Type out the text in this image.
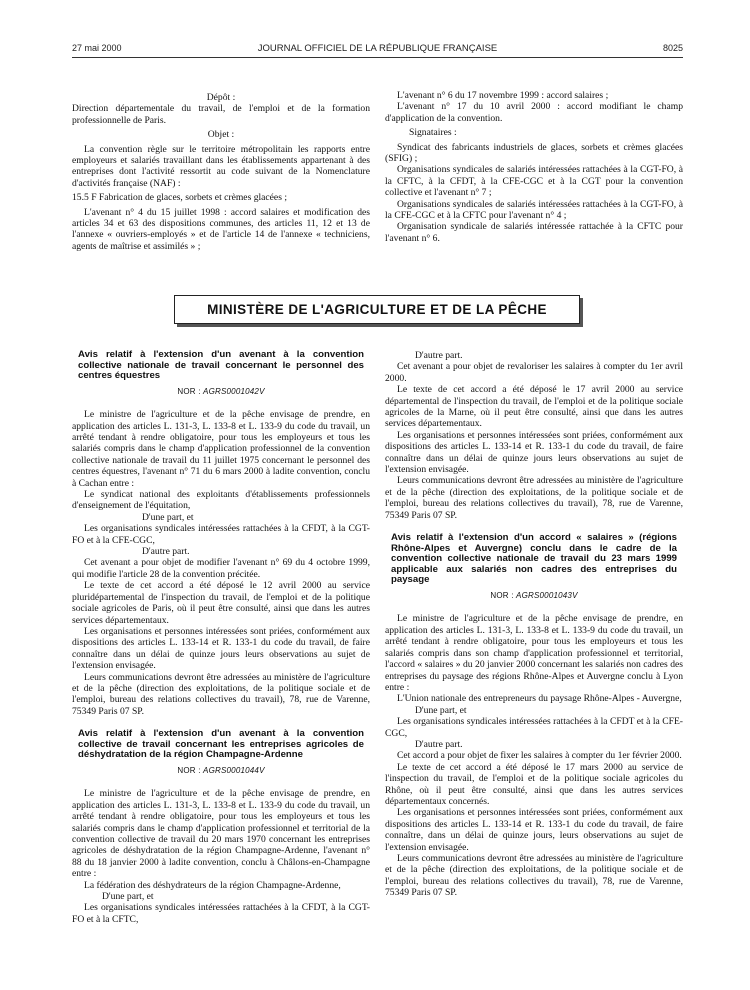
27 mai 2000	JOURNAL OFFICIEL DE LA RÉPUBLIQUE FRANÇAISE	8025

Dépôt :

Direction départementale du travail, de l'emploi et de la formation professionnelle de Paris.

Objet :

La convention règle sur le territoire métropolitain les rapports entre employeurs et salariés travaillant dans les établissements appartenant à des entreprises dont l'activité ressortit au code suivant de la Nomenclature d'activités française (NAF) :

15.5 F Fabrication de glaces, sorbets et crèmes glacées ;

L'avenant n° 4 du 15 juillet 1998 : accord salaires et modification des articles 34 et 63 des dispositions communes, des articles 11, 12 et 13 de l'annexe « ouvriers-employés » et de l'article 14 de l'annexe « techniciens, agents de maîtrise et assimilés » ;

L'avenant n° 6 du 17 novembre 1999 : accord salaires ;

L'avenant n° 17 du 10 avril 2000 : accord modifiant le champ d'application de la convention.

Signataires :

Syndicat des fabricants industriels de glaces, sorbets et crèmes glacées (SFIG) ;

Organisations syndicales de salariés intéressées rattachées à la CGT-FO, à la CFTC, à la CFDT, à la CFE-CGC et à la CGT pour la convention collective et l'avenant n° 7 ;

Organisations syndicales de salariés intéressées rattachées à la CGT-FO, à la CFE-CGC et à la CFTC pour l'avenant n° 4 ;

Organisation syndicale de salariés intéressée rattachée à la CFTC pour l'avenant n° 6.

MINISTÈRE DE L'AGRICULTURE ET DE LA PÊCHE
Avis relatif à l'extension d'un avenant à la convention collective nationale de travail concernant le personnel des centres équestres
NOR : AGRS0001042V

Le ministre de l'agriculture et de la pêche envisage de prendre, en application des articles L. 131-3, L. 133-8 et L. 133-9 du code du travail, un arrêté tendant à rendre obligatoire, pour tous les employeurs et tous les salariés compris dans le champ d'application professionnel de la convention collective nationale de travail du 11 juillet 1975 concernant le personnel des centres équestres, l'avenant n° 71 du 6 mars 2000 à ladite convention, conclu à Cachan entre :

Le syndicat national des exploitants d'établissements professionnels d'enseignement de l'équitation,

D'une part, et

Les organisations syndicales intéressées rattachées à la CFDT, à la CGT-FO et à la CFE-CGC,

D'autre part.

Cet avenant a pour objet de modifier l'avenant n° 69 du 4 octobre 1999, qui modifie l'article 28 de la convention précitée.

Le texte de cet accord a été déposé le 12 avril 2000 au service pluridépartemental de l'inspection du travail, de l'emploi et de la politique sociale agricoles de Paris, où il peut être consulté, ainsi que dans les autres services départementaux.

Les organisations et personnes intéressées sont priées, conformément aux dispositions des articles L. 133-14 et R. 133-1 du code du travail, de faire connaître dans un délai de quinze jours leurs observations au sujet de l'extension envisagée.

Leurs communications devront être adressées au ministère de l'agriculture et de la pêche (direction des exploitations, de la politique sociale et de l'emploi, bureau des relations collectives du travail), 78, rue de Varenne, 75349 Paris 07 SP.

Avis relatif à l'extension d'un avenant à la convention collective de travail concernant les entreprises agricoles de déshydratation de la région Champagne-Ardenne
NOR : AGRS0001044V

Le ministre de l'agriculture et de la pêche envisage de prendre, en application des articles L. 131-3, L. 133-8 et L. 133-9 du code du travail, un arrêté tendant à rendre obligatoire, pour tous les employeurs et tous les salariés compris dans le champ d'application professionnel et territorial de la convention collective de travail du 20 mars 1970 concernant les entreprises agricoles de déshydratation de la région Champagne-Ardenne, l'avenant n° 88 du 18 janvier 2000 à ladite convention, conclu à Châlons-en-Champagne entre :

La fédération des déshydrateurs de la région Champagne-Ardenne,

D'une part, et

Les organisations syndicales intéressées rattachées à la CFDT, à la CGT-FO et à la CFTC,

D'autre part.

Cet avenant a pour objet de revaloriser les salaires à compter du 1er avril 2000.

Le texte de cet accord a été déposé le 17 avril 2000 au service départemental de l'inspection du travail, de l'emploi et de la politique sociale agricoles de la Marne, où il peut être consulté, ainsi que dans les autres services départementaux.

Les organisations et personnes intéressées sont priées, conformément aux dispositions des articles L. 133-14 et R. 133-1 du code du travail, de faire connaître dans un délai de quinze jours leurs observations au sujet de l'extension envisagée.

Leurs communications devront être adressées au ministère de l'agriculture et de la pêche (direction des exploitations, de la politique sociale et de l'emploi, bureau des relations collectives du travail), 78, rue de Varenne, 75349 Paris 07 SP.

Avis relatif à l'extension d'un accord « salaires » (régions Rhône-Alpes et Auvergne) conclu dans le cadre de la convention collective nationale de travail du 23 mars 1999 applicable aux salariés non cadres des entreprises du paysage
NOR : AGRS0001043V

Le ministre de l'agriculture et de la pêche envisage de prendre, en application des articles L. 131-3, L. 133-8 et L. 133-9 du code du travail, un arrêté tendant à rendre obligatoire, pour tous les employeurs et tous les salariés compris dans son champ d'application professionnel et territorial, l'accord « salaires » du 20 janvier 2000 concernant les salariés non cadres des entreprises du paysage des régions Rhône-Alpes et Auvergne conclu à Lyon entre :

L'Union nationale des entrepreneurs du paysage Rhône-Alpes - Auvergne,

D'une part, et

Les organisations syndicales intéressées rattachées à la CFDT et à la CFE-CGC,

D'autre part.

Cet accord a pour objet de fixer les salaires à compter du 1er février 2000.

Le texte de cet accord a été déposé le 17 mars 2000 au service de l'inspection du travail, de l'emploi et de la politique sociale agricoles du Rhône, où il peut être consulté, ainsi que dans les autres services départementaux concernés.

Les organisations et personnes intéressées sont priées, conformément aux dispositions des articles L. 133-14 et R. 133-1 du code du travail, de faire connaître, dans un délai de quinze jours, leurs observations au sujet de l'extension envisagée.

Leurs communications devront être adressées au ministère de l'agriculture et de la pêche (direction des exploitations, de la politique sociale et de l'emploi, bureau des relations collectives du travail), 78, rue de Varenne, 75349 Paris 07 SP.
